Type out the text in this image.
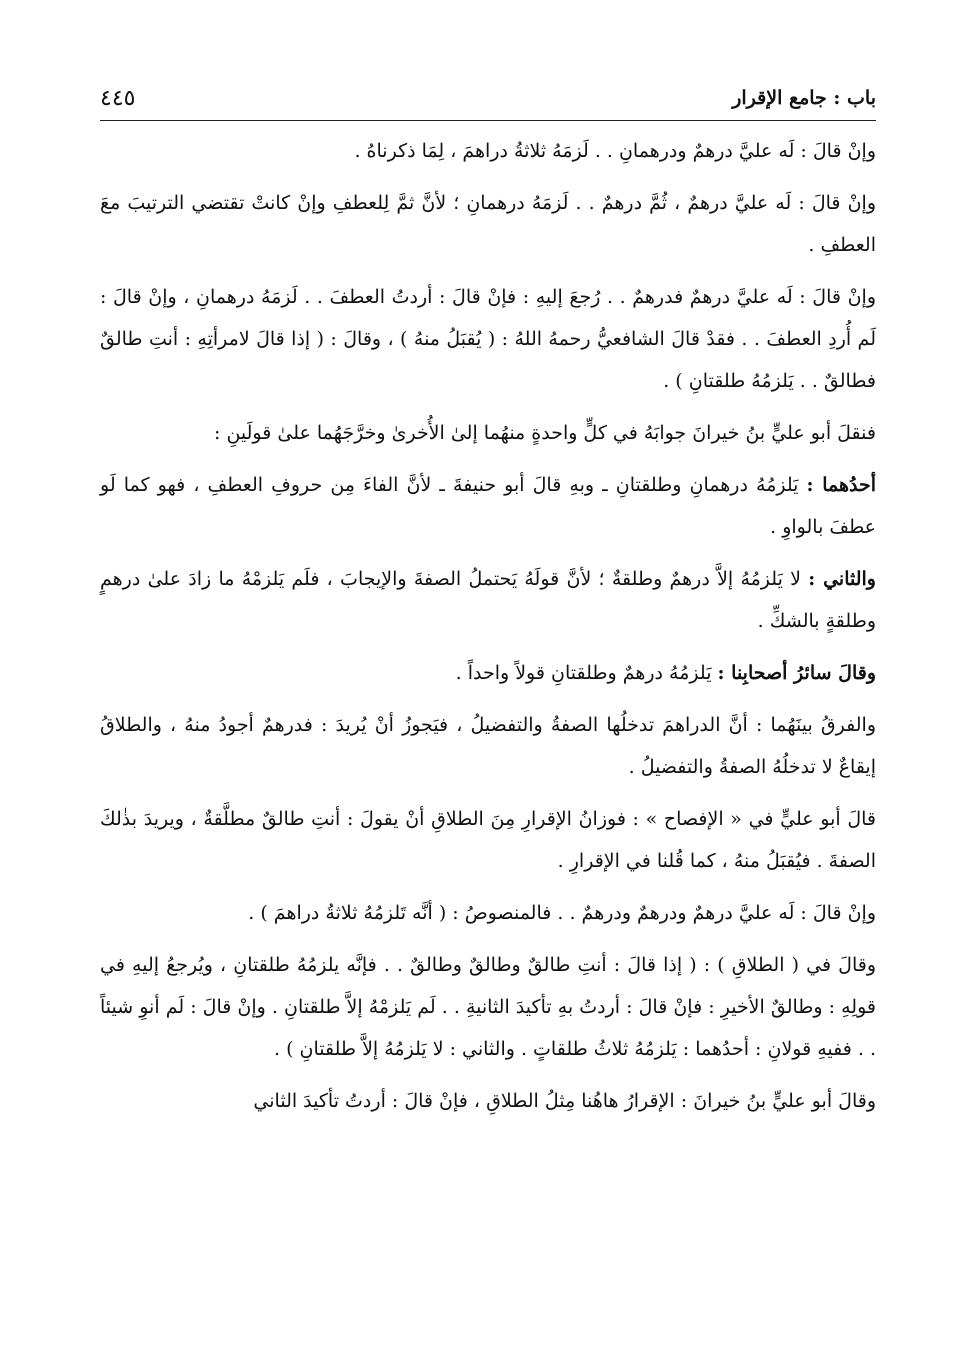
باب : جامع الإقرار
٤٤٥

وإنْ قالَ : لَه عليَّ درهمٌ ودرهمانِ . . لَزمَهُ ثلاثةُ دراهمَ ، لِمَا ذكرناهُ .

وإنْ قالَ : لَه عليَّ درهمٌ ، ثُمَّ درهمٌ . . لَزمَهُ درهمانِ ؛ لأنَّ ثمَّ لِلعطفِ وإنْ كانتْ تقتضي الترتيبَ معَ العطفِ .

وإنْ قالَ : لَه عليَّ درهمٌ فدرهمٌ . . رُجعَ إليهِ : فإنْ قالَ : أردتُ العطفَ . . لَزمَهُ درهمانِ ، وإنْ قالَ : لَم أُردِ العطفَ . . فقدْ قالَ الشافعيُّ رحمهُ اللهُ : ( يُقبَلُ منهُ ) ، وقالَ : ( إذا قالَ لامرأتِهِ : أنتِ طالقٌ فطالقٌ . . يَلزمُهُ طلقتانِ ) .

فنقلَ أبو عليٍّ بنُ خيرانَ جوابَهُ في كلٍّ واحدةٍ منهُما إلىٰ الأُخرىٰ وخرَّجَهُما علىٰ قولَينِ :

أحدُهما : يَلزمُهُ درهمانِ وطلقتانِ ـ وبهِ قالَ أبو حنيفةَ ـ لأنَّ الفاءَ مِن حروفِ العطفِ ، فهو كما لَو عطفَ بالواوِ .

والثاني : لا يَلزمُهُ إلاَّ درهمٌ وطلقةٌ ؛ لأنَّ قولَهُ يَحتملُ الصفةَ والإيجابَ ، فلَم يَلزمْهُ ما زادَ علىٰ درهمٍ وطلقةٍ بالشكِّ .

وقالَ سائرُ أصحابِنا : يَلزمُهُ درهمٌ وطلقتانِ قولاً واحداً .

والفرقُ بينَهُما : أنَّ الدراهمَ تدخلُها الصفةُ والتفضيلُ ، فيَجوزُ أنْ يُريدَ : فدرهمٌ أجودُ منهُ ، والطلاقُ إيقاعٌ لا تدخلُهُ الصفةُ والتفضيلُ .

قالَ أبو عليٍّ في « الإفصاح » : فوزانُ الإقرارِ مِنَ الطلاقِ أنْ يقولَ : أنتِ طالقٌ مطلَّقةٌ ، ويريدَ بذٰلكَ الصفةَ . فيُقبَلُ منهُ ، كما قُلنا في الإقرارِ .

وإنْ قالَ : لَه عليَّ درهمٌ ودرهمٌ ودرهمٌ . . فالمنصوصُ : ( أنَّه تَلزمُهُ ثلاثةُ دراهمَ ) .

وقالَ في ( الطلاقِ ) : ( إذا قالَ : أنتِ طالقٌ وطالقٌ وطالقٌ . . فإنَّه يلزمُهُ طلقتانِ ، ويُرجعُ إليهِ في قولِهِ : وطالقٌ الأخيرِ : فإنْ قالَ : أردتُ بهِ تأكيدَ الثانيةِ . . لَم يَلزمْهُ إلاَّ طلقتانِ . وإنْ قالَ : لَم أنوِ شيئاً . . ففيهِ قولانِ : أحدُهما : يَلزمُهُ ثلاثُ طلقاتٍ . والثاني : لا يَلزمُهُ إلاَّ طلقتانِ ) .

وقالَ أبو عليٍّ بنُ خيرانَ : الإقرارُ هاهُنا مِثلُ الطلاقِ ، فإنْ قالَ : أردتُ تأكيدَ الثاني
